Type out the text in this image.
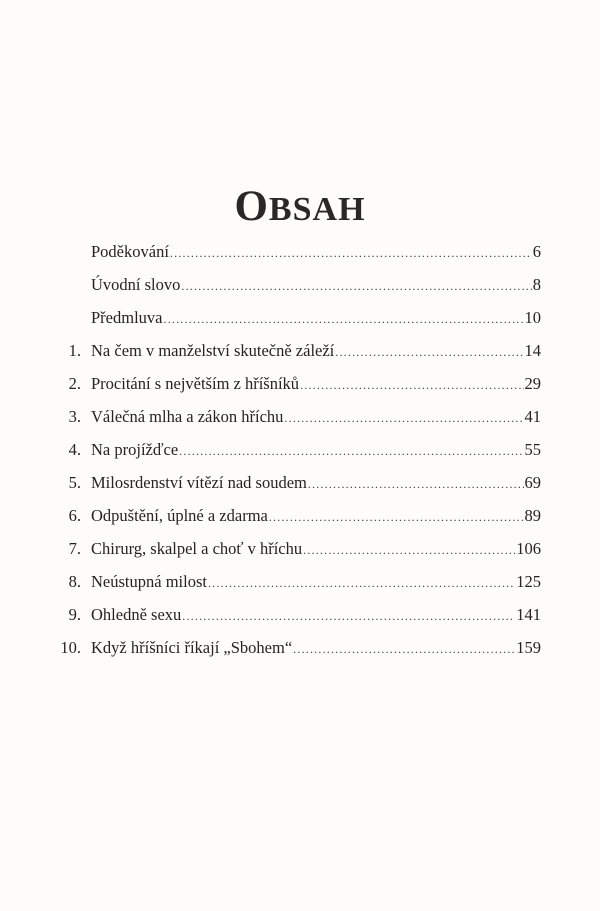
OBSAH
Poděkování .....	6
Úvodní slovo .....	8
Předmluva .....	10
1. Na čem v manželství skutečně záleží .....	14
2. Procitání s největším z hříšníků .....	29
3. Válečná mlha a zákon hříchu .....	41
4. Na projížďce .....	55
5. Milosrdenství vítězí nad soudem .....	69
6. Odpuštění, úplné a zdarma .....	89
7. Chirurg, skalpel a choť v hříchu .....	106
8. Neústupná milost .....	125
9. Ohledně sexu .....	141
10. Když hříšníci říkají „Sbohem“ .....	159
